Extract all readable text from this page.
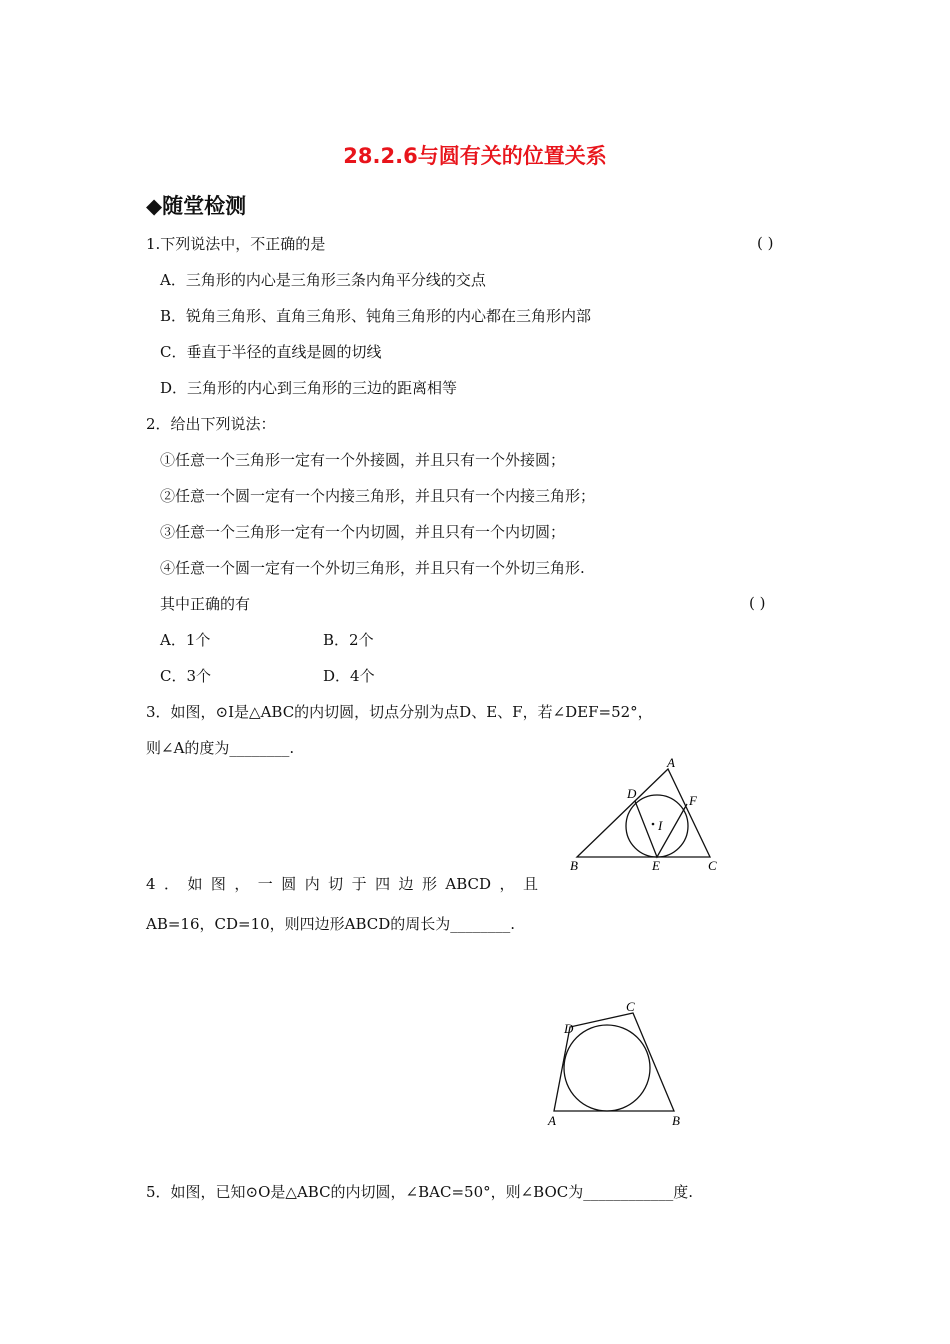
28.2.6与圆有关的位置关系
◆随堂检测
1.下列说法中，不正确的是	( )
A．三角形的内心是三角形三条内角平分线的交点
B．锐角三角形、直角三角形、钝角三角形的内心都在三角形内部
C．垂直于半径的直线是圆的切线
D．三角形的内心到三角形的三边的距离相等
2．给出下列说法：
①任意一个三角形一定有一个外接圆，并且只有一个外接圆；
②任意一个圆一定有一个内接三角形，并且只有一个内接三角形；
③任意一个三角形一定有一个内切圆，并且只有一个内切圆；
④任意一个圆一定有一个外切三角形，并且只有一个外切三角形.
其中正确的有	( )
A．1个	B．2个
C．3个	D．4个
3．如图，⊙I是△ABC的内切圆，切点分别为点D、E、F，若∠DEF=52°，
则∠A的度为________.
A
B	C
D
E
F
I
4 ． 如 图 ， 一 圆 内 切 于 四 边 形 ABCD ， 且
AB=16，CD=10，则四边形ABCD的周长为________.
A	B
C
D
5．如图，已知⊙O是△ABC的内切圆，∠BAC=50°，则∠BOC为____________度.
